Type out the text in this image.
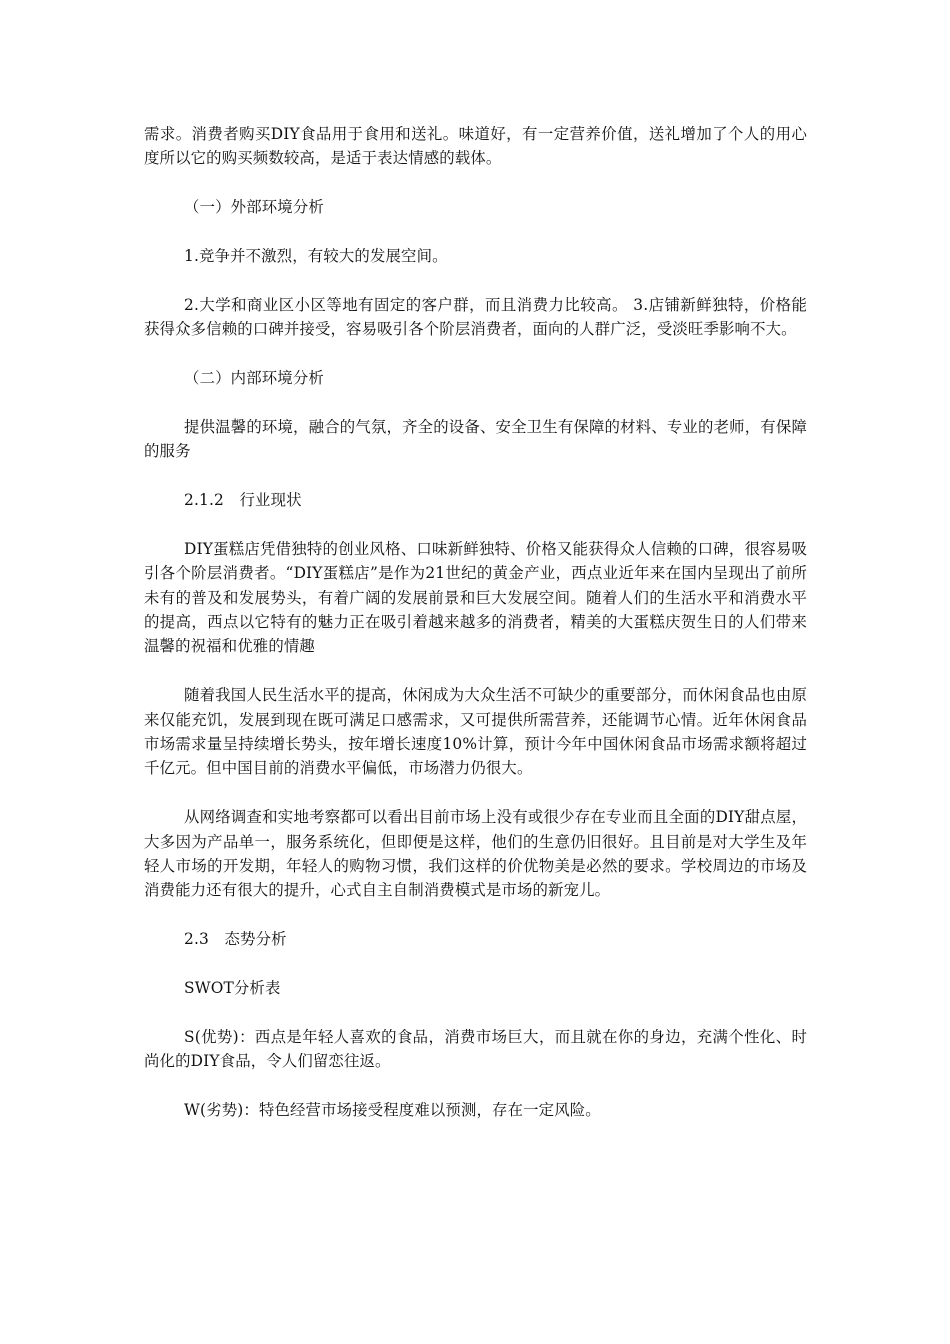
需求。消费者购买DIY食品用于食用和送礼。味道好，有一定营养价值，送礼增加了个人的用心度所以它的购买频数较高，是适于表达情感的载体。

（一）外部环境分析

1.竞争并不激烈，有较大的发展空间。

2.大学和商业区小区等地有固定的客户群，而且消费力比较高。 3.店铺新鲜独特，价格能获得众多信赖的口碑并接受，容易吸引各个阶层消费者，面向的人群广泛，受淡旺季影响不大。

（二）内部环境分析

提供温馨的环境，融合的气氛，齐全的设备、安全卫生有保障的材料、专业的老师，有保障的服务

2.1.2　行业现状

DIY蛋糕店凭借独特的创业风格、口味新鲜独特、价格又能获得众人信赖的口碑，很容易吸引各个阶层消费者。“DIY蛋糕店”是作为21世纪的黄金产业，西点业近年来在国内呈现出了前所未有的普及和发展势头，有着广阔的发展前景和巨大发展空间。随着人们的生活水平和消费水平的提高，西点以它特有的魅力正在吸引着越来越多的消费者，精美的大蛋糕庆贺生日的人们带来温馨的祝福和优雅的情趣

随着我国人民生活水平的提高，休闲成为大众生活不可缺少的重要部分，而休闲食品也由原来仅能充饥，发展到现在既可满足口感需求，又可提供所需营养，还能调节心情。近年休闲食品市场需求量呈持续增长势头，按年增长速度10%计算，预计今年中国休闲食品市场需求额将超过千亿元。但中国目前的消费水平偏低，市场潜力仍很大。

从网络调查和实地考察都可以看出目前市场上没有或很少存在专业而且全面的DIY甜点屋，大多因为产品单一，服务系统化，但即便是这样，他们的生意仍旧很好。且目前是对大学生及年轻人市场的开发期，年轻人的购物习惯，我们这样的价优物美是必然的要求。学校周边的市场及消费能力还有很大的提升，心式自主自制消费模式是市场的新宠儿。

2.3　态势分析

SWOT分析表

S(优势)：西点是年轻人喜欢的食品，消费市场巨大，而且就在你的身边，充满个性化、时尚化的DIY食品，令人们留恋往返。

W(劣势)：特色经营市场接受程度难以预测，存在一定风险。
